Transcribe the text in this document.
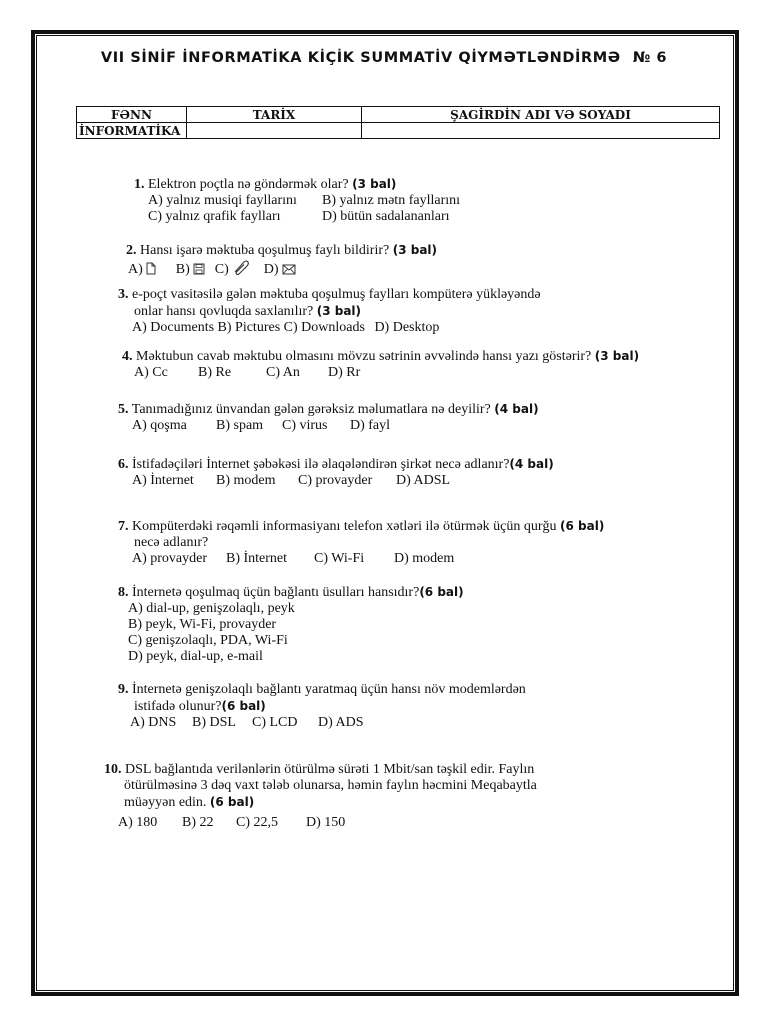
VII SİNİF İNFORMATİKA KİÇİK SUMMATİV QİYMƏTLƏNDİRMƏ № 6
FƏNN	TARİX	ŞAGİRDİN ADI VƏ SOYADI
İNFORMATİKA		
1. Elektron poçtla nə göndərmək olar? (3 bal)
A) yalnız musiqi fayllarını B) yalnız mətn fayllarını
C) yalnız qrafik faylları	D) bütün sadalananları
2. Hansı işarə məktuba qoşulmuş faylı bildirir? (3 bal)
A) B) C)	D)
3. e-poçt vasitəsilə gələn məktuba qoşulmuş faylları kompüterə yükləyəndə
onlar hansı qovluqda saxlanılır? (3 bal)
A) Documents B) Pictures C) Downloads D) Desktop
4. Məktubun cavab məktubu olmasını mövzu sətrinin əvvəlində hansı yazı göstərir? (3 bal)
A) Cc B) Re C) An D) Rr
5. Tanımadığınız ünvandan gələn gərəksiz məlumatlara nə deyilir? (4 bal)
A) qoşma B) spam C) virus D) fayl
6. İstifadəçiləri İnternet şəbəkəsi ilə əlaqələndirən şirkət necə adlanır?(4 bal)
A) İnternet B) modem C) provayder D) ADSL
7. Kompüterdəki rəqəmli informasiyanı telefon xətləri ilə ötürmək üçün qurğu (6 bal)
necə adlanır?
A) provayder B) İnternet C) Wi-Fi D) modem
8. İnternetə qoşulmaq üçün bağlantı üsulları hansıdır?(6 bal)
A) dial-up, genişzolaqlı, peyk
B) peyk, Wi-Fi, provayder
C) genişzolaqlı, PDA, Wi-Fi
D) peyk, dial-up, e-mail
9. İnternetə genişzolaqlı bağlantı yaratmaq üçün hansı növ modemlərdən
istifadə olunur?(6 bal)
A) DNS B) DSL C) LCD D) ADS
10. DSL bağlantıda verilənlərin ötürülmə sürəti 1 Mbit/san təşkil edir. Faylın
ötürülməsinə 3 dəq vaxt tələb olunarsa, həmin faylın həcmini Meqabaytla
müəyyən edin. (6 bal)
A) 180 B) 22 C) 22,5 D) 150
